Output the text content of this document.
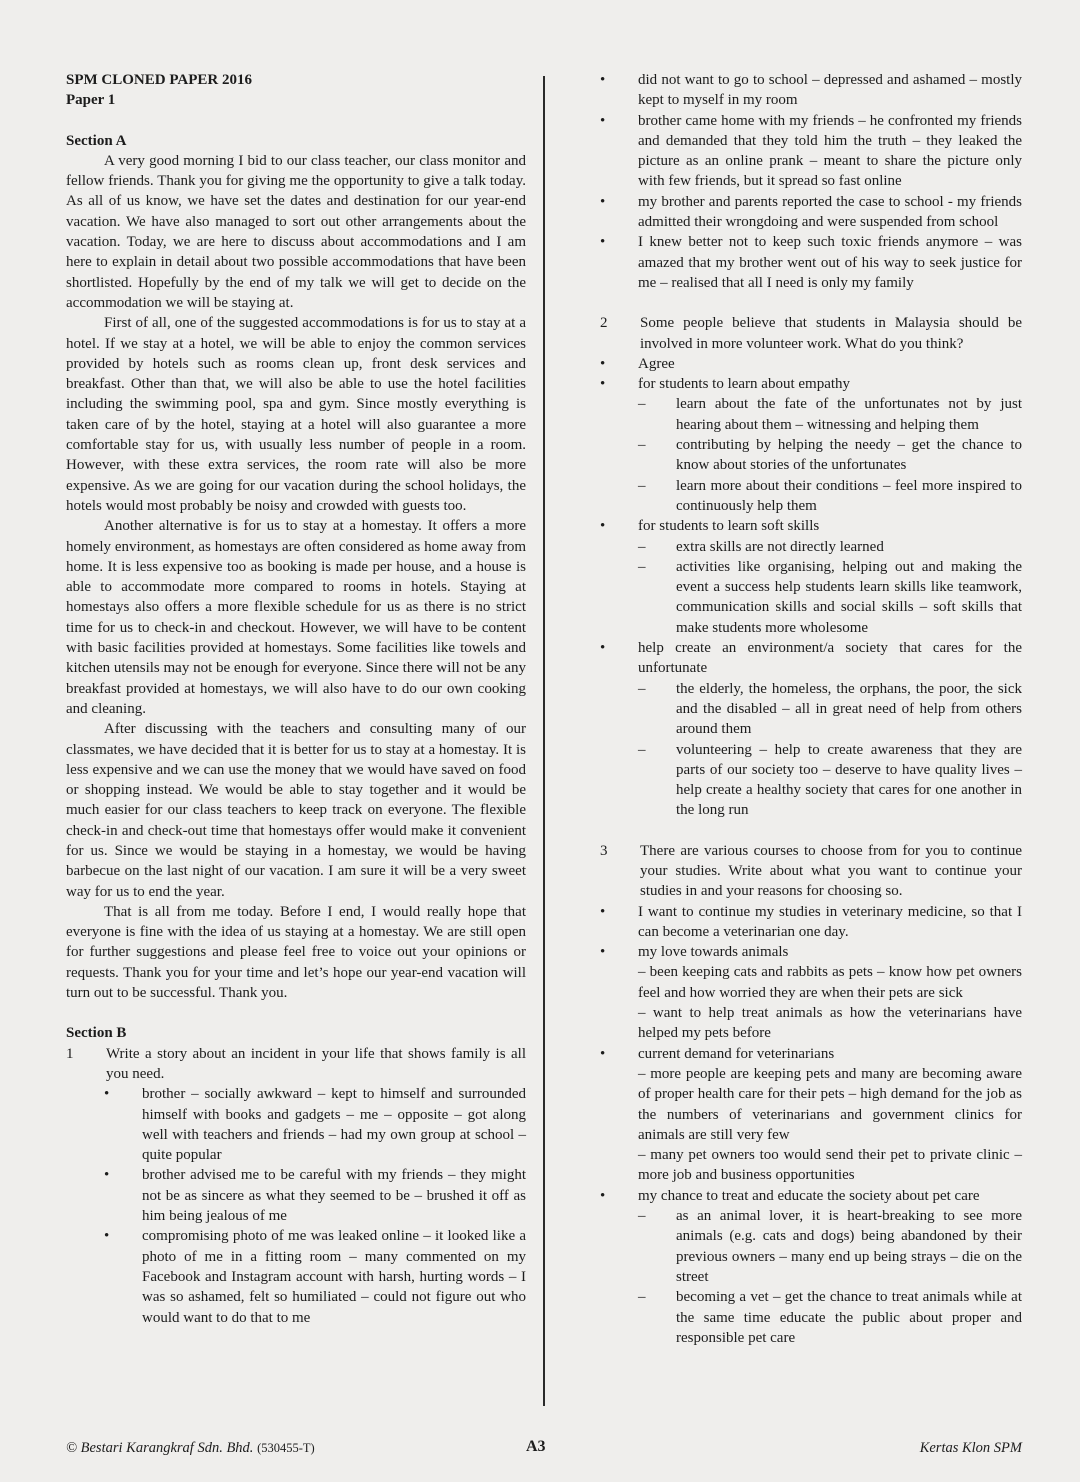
SPM CLONED PAPER 2016

Paper 1

Section A

A very good morning I bid to our class teacher, our class monitor and fellow friends. Thank you for giving me the opportunity to give a talk today. As all of us know, we have set the dates and destination for our year-end vacation. We have also managed to sort out other arrangements about the vacation. Today, we are here to discuss about accommodations and I am here to explain in detail about two possible accommodations that have been shortlisted. Hopefully by the end of my talk we will get to decide on the accommodation we will be staying at.

First of all, one of the suggested accommodations is for us to stay at a hotel. If we stay at a hotel, we will be able to enjoy the common services provided by hotels such as rooms clean up, front desk services and breakfast. Other than that, we will also be able to use the hotel facilities including the swimming pool, spa and gym. Since mostly everything is taken care of by the hotel, staying at a hotel will also guarantee a more comfortable stay for us, with usually less number of people in a room. However, with these extra services, the room rate will also be more expensive. As we are going for our vacation during the school holidays, the hotels would most probably be noisy and crowded with guests too.

Another alternative is for us to stay at a homestay. It offers a more homely environment, as homestays are often considered as home away from home. It is less expensive too as booking is made per house, and a house is able to accommodate more compared to rooms in hotels. Staying at homestays also offers a more flexible schedule for us as there is no strict time for us to check-in and checkout. However, we will have to be content with basic facilities provided at homestays. Some facilities like towels and kitchen utensils may not be enough for everyone. Since there will not be any breakfast provided at homestays, we will also have to do our own cooking and cleaning.

After discussing with the teachers and consulting many of our classmates, we have decided that it is better for us to stay at a homestay. It is less expensive and we can use the money that we would have saved on food or shopping instead. We would be able to stay together and it would be much easier for our class teachers to keep track on everyone. The flexible check-in and check-out time that homestays offer would make it convenient for us. Since we would be staying in a homestay, we would be having barbecue on the last night of our vacation. I am sure it will be a very sweet way for us to end the year.

That is all from me today. Before I end, I would really hope that everyone is fine with the idea of us staying at a homestay. We are still open for further suggestions and please feel free to voice out your opinions or requests. Thank you for your time and let’s hope our year-end vacation will turn out to be successful. Thank you.

Section B

1	Write a story about an incident in your life that shows family is all you need.
• brother – socially awkward – kept to himself and surrounded himself with books and gadgets – me – opposite – got along well with teachers and friends – had my own group at school – quite popular
• brother advised me to be careful with my friends – they might not be as sincere as what they seemed to be – brushed it off as him being jealous of me
• compromising photo of me was leaked online – it looked like a photo of me in a fitting room – many commented on my Facebook and Instagram account with harsh, hurting words – I was so ashamed, felt so humiliated – could not figure out who would want to do that to me
• did not want to go to school – depressed and ashamed – mostly kept to myself in my room
• brother came home with my friends – he confronted my friends and demanded that they told him the truth – they leaked the picture as an online prank – meant to share the picture only with few friends, but it spread so fast online
• my brother and parents reported the case to school - my friends admitted their wrongdoing and were suspended from school
• I knew better not to keep such toxic friends anymore – was amazed that my brother went out of his way to seek justice for me – realised that all I need is only my family
2	Some people believe that students in Malaysia should be involved in more volunteer work. What do you think?
• Agree
• for students to learn about empathy
– learn about the fate of the unfortunates not by just hearing about them – witnessing and helping them
– contributing by helping the needy – get the chance to know about stories of the unfortunates
– learn more about their conditions – feel more inspired to continuously help them
• for students to learn soft skills
– extra skills are not directly learned
– activities like organising, helping out and making the event a success help students learn skills like teamwork, communication skills and social skills – soft skills that make students more wholesome
• help create an environment/a society that cares for the unfortunate
– the elderly, the homeless, the orphans, the poor, the sick and the disabled – all in great need of help from others around them
– volunteering – help to create awareness that they are parts of our society too – deserve to have quality lives – help create a healthy society that cares for one another in the long run
3	There are various courses to choose from for you to continue your studies. Write about what you want to continue your studies in and your reasons for choosing so.
• I want to continue my studies in veterinary medicine, so that I can become a veterinarian one day.
• my love towards animals
– been keeping cats and rabbits as pets – know how pet owners feel and how worried they are when their pets are sick
– want to help treat animals as how the veterinarians have helped my pets before
• current demand for veterinarians
– more people are keeping pets and many are becoming aware of proper health care for their pets – high demand for the job as the numbers of veterinarians and government clinics for animals are still very few
– many pet owners too would send their pet to private clinic – more job and business opportunities
• my chance to treat and educate the society about pet care
– as an animal lover, it is heart-breaking to see more animals (e.g. cats and dogs) being abandoned by their previous owners – many end up being strays – die on the street
– becoming a vet – get the chance to treat animals while at the same time educate the public about proper and responsible pet care
© Bestari Karangkraf Sdn. Bhd. (530455-T)	A3	Kertas Klon SPM
